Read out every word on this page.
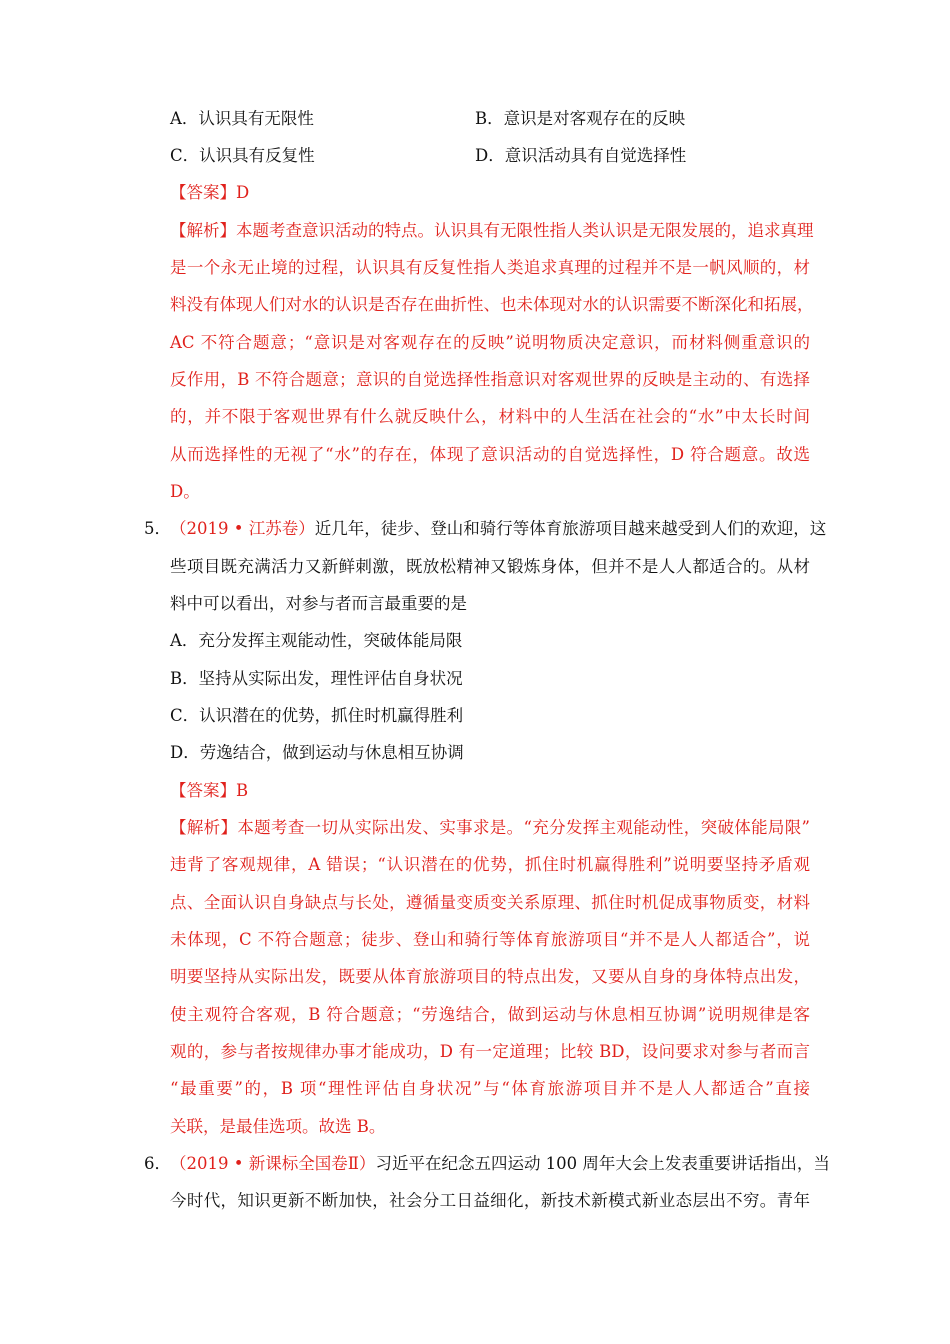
A．认识具有无限性	B．意识是对客观存在的反映
C．认识具有反复性	D．意识活动具有自觉选择性
【答案】D
【解析】本题考查意识活动的特点。认识具有无限性指人类认识是无限发展的，追求真理
是一个永无止境的过程，认识具有反复性指人类追求真理的过程并不是一帆风顺的，材
料没有体现人们对水的认识是否存在曲折性、也未体现对水的认识需要不断深化和拓展，
AC 不符合题意；“意识是对客观存在的反映”说明物质决定意识，而材料侧重意识的
反作用，B 不符合题意；意识的自觉选择性指意识对客观世界的反映是主动的、有选择
的，并不限于客观世界有什么就反映什么，材料中的人生活在社会的“水”中太长时间
从而选择性的无视了“水”的存在，体现了意识活动的自觉选择性，D 符合题意。故选
D。
5． （2019 • 江苏卷）近几年，徒步、登山和骑行等体育旅游项目越来越受到人们的欢迎，这
些项目既充满活力又新鲜刺激，既放松精神又锻炼身体，但并不是人人都适合的。从材
料中可以看出，对参与者而言最重要的是
A．充分发挥主观能动性，突破体能局限
B．坚持从实际出发，理性评估自身状况
C．认识潜在的优势，抓住时机赢得胜利
D．劳逸结合，做到运动与休息相互协调
【答案】B
【解析】本题考查一切从实际出发、实事求是。“充分发挥主观能动性，突破体能局限”
违背了客观规律，A 错误；“认识潜在的优势，抓住时机赢得胜利”说明要坚持矛盾观
点、全面认识自身缺点与长处，遵循量变质变关系原理、抓住时机促成事物质变，材料
未体现，C 不符合题意；徒步、登山和骑行等体育旅游项目“并不是人人都适合”，说
明要坚持从实际出发，既要从体育旅游项目的特点出发，又要从自身的身体特点出发，
使主观符合客观，B 符合题意；“劳逸结合，做到运动与休息相互协调”说明规律是客
观的，参与者按规律办事才能成功，D 有一定道理；比较 BD，设问要求对参与者而言
“最重要”的，B 项“理性评估自身状况”与“体育旅游项目并不是人人都适合”直接
关联，是最佳选项。故选 B。
6． （2019 • 新课标全国卷Ⅱ）习近平在纪念五四运动 100 周年大会上发表重要讲话指出，当
今时代，知识更新不断加快，社会分工日益细化，新技术新模式新业态层出不穷。青年
